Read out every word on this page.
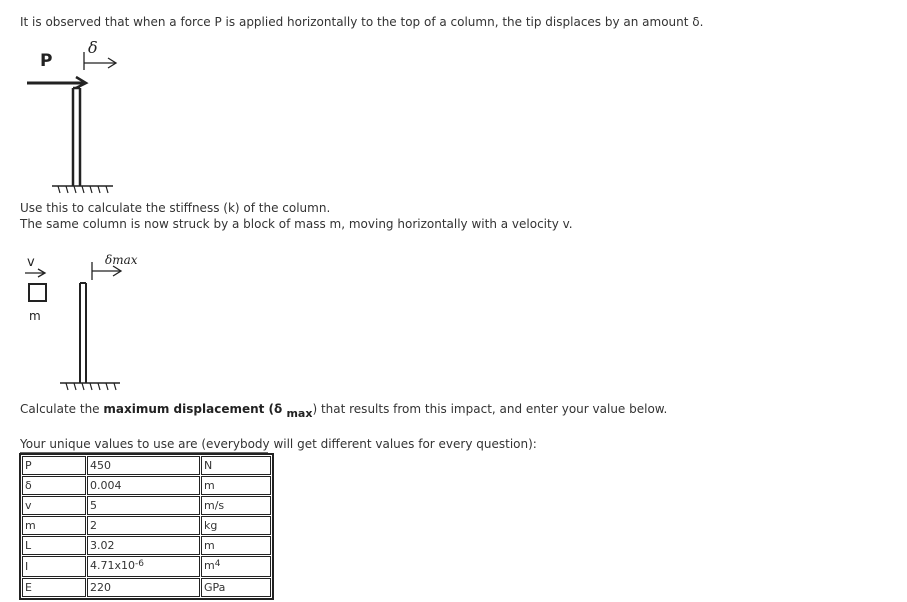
It is observed that when a force P is applied horizontally to the top of a column, the tip displaces by an amount δ.
δ
P
Use this to calculate the stiffness (k) of the column.
The same column is now struck by a block of mass m, moving horizontally with a velocity v.
v
m
δmax
Calculate the maximum displacement (δ max) that results from this impact, and enter your value below.
Your unique values to use are (everybody will get different values for every question):
P	450	N
δ	0.004	m
v	5	m/s
m	2	kg
L	3.02	m
I	$4.71x10^{-6}$	$m^4$
E	220	GPa
